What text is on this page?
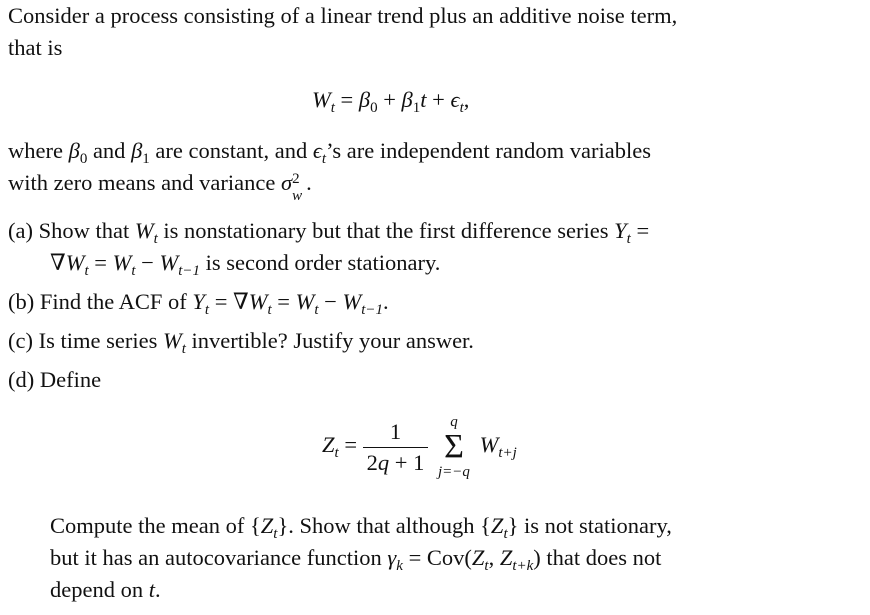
Consider a process consisting of a linear trend plus an additive noise term,
that is
$W_t = \beta_0 + \beta_1t + \epsilon_t$,
where $\beta_0$ and $\beta_1$ are constant, and $\epsilon_t’s$ are independent random variables
with zero means and variance σ 2
w
.
(a) Show that $W_t$ is nonstationary but that the first difference series $Y_t$ =
$\nabla W_t = W_t - W_{t-1}$ is second order stationary.
(b) Find the ACF of $Y_t = \nabla W_t = W_t - W_{t-1}$.
(c) Is time series $W_t$ invertible? Justify your answer.
(d) Define
$Z_t = \frac{1}{2q + 1}$
	q
Σ
j=−q
$W_{t+j}$
Compute the mean of $\{Z_t\}$. Show that although $\{Z_t\}$ is not stationary,
but it has an autocovariance function $\gamma_k = Cov(Z_t$, $Z_{t+k}$) that does not
depend on t.
